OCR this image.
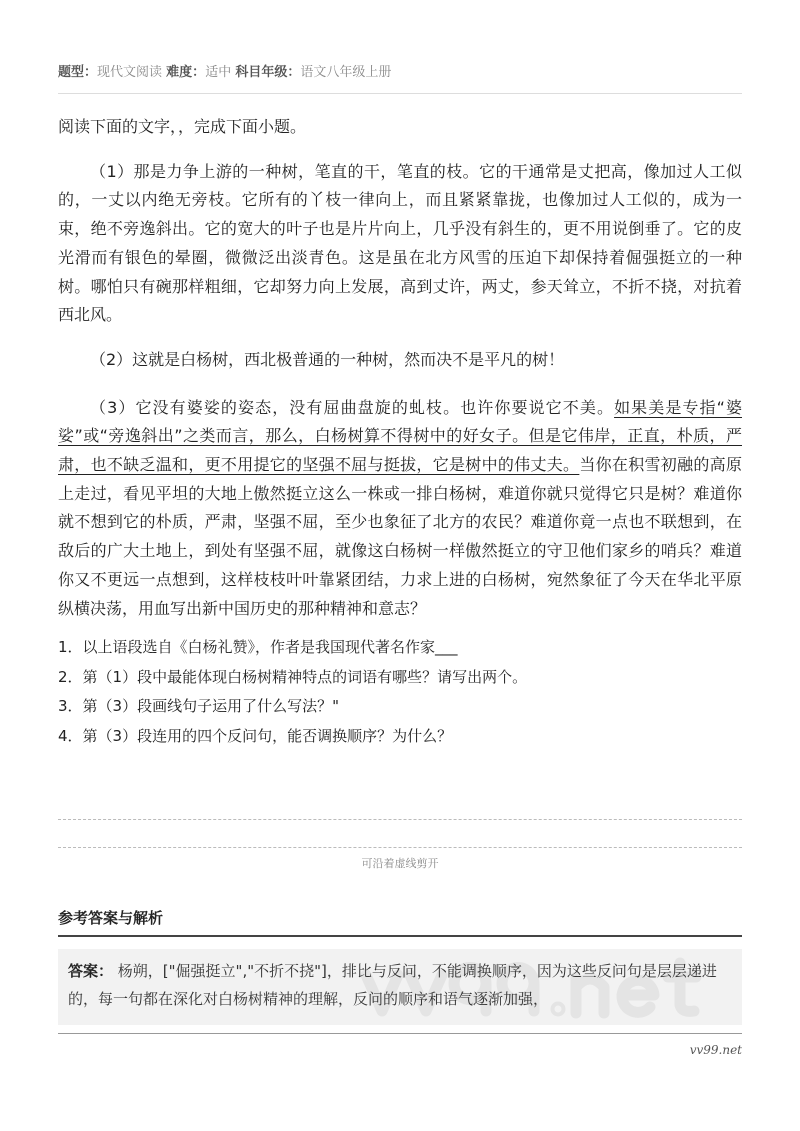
题型：现代文阅读 难度：适中 科目年级：语文八年级上册
阅读下面的文字，，完成下面小题。

（1）那是力争上游的一种树，笔直的干，笔直的枝。它的干通常是丈把高，像加过人工似的，一丈以内绝无旁枝。它所有的丫枝一律向上，而且紧紧靠拢，也像加过人工似的，成为一束，绝不旁逸斜出。它的宽大的叶子也是片片向上，几乎没有斜生的，更不用说倒垂了。它的皮光滑而有银色的晕圈，微微泛出淡青色。这是虽在北方风雪的压迫下却保持着倔强挺立的一种树。哪怕只有碗那样粗细，它却努力向上发展，高到丈许，两丈，参天耸立，不折不挠，对抗着西北风。

（2）这就是白杨树，西北极普通的一种树，然而决不是平凡的树！

（3）它没有婆娑的姿态，没有屈曲盘旋的虬枝。也许你要说它不美。如果美是专指“婆娑”或“旁逸斜出”之类而言，那么，白杨树算不得树中的好女子。但是它伟岸，正直，朴质，严肃，也不缺乏温和，更不用提它的坚强不屈与挺拔，它是树中的伟丈夫。当你在积雪初融的高原上走过，看见平坦的大地上傲然挺立这么一株或一排白杨树，难道你就只觉得它只是树？难道你就不想到它的朴质，严肃，坚强不屈，至少也象征了北方的农民？难道你竟一点也不联想到，在敌后的广大土地上，到处有坚强不屈，就像这白杨树一样傲然挺立的守卫他们家乡的哨兵？难道你又不更远一点想到，这样枝枝叶叶靠紧团结，力求上进的白杨树，宛然象征了今天在华北平原纵横决荡，用血写出新中国历史的那种精神和意志？

1．以上语段选自《白杨礼赞》，作者是我国现代著名作家___
2．第（1）段中最能体现白杨树精神特点的词语有哪些？请写出两个。
3．第（3）段画线句子运用了什么写法？"
4．第（3）段连用的四个反问句，能否调换顺序？为什么？
可沿着虚线剪开
参考答案与解析
答案： 杨朔，["倔强挺立","不折不挠"]，排比与反问，不能调换顺序，因为这些反问句是层层递进的，每一句都在深化对白杨树精神的理解，反问的顺序和语气逐渐加强，
vv99.net
